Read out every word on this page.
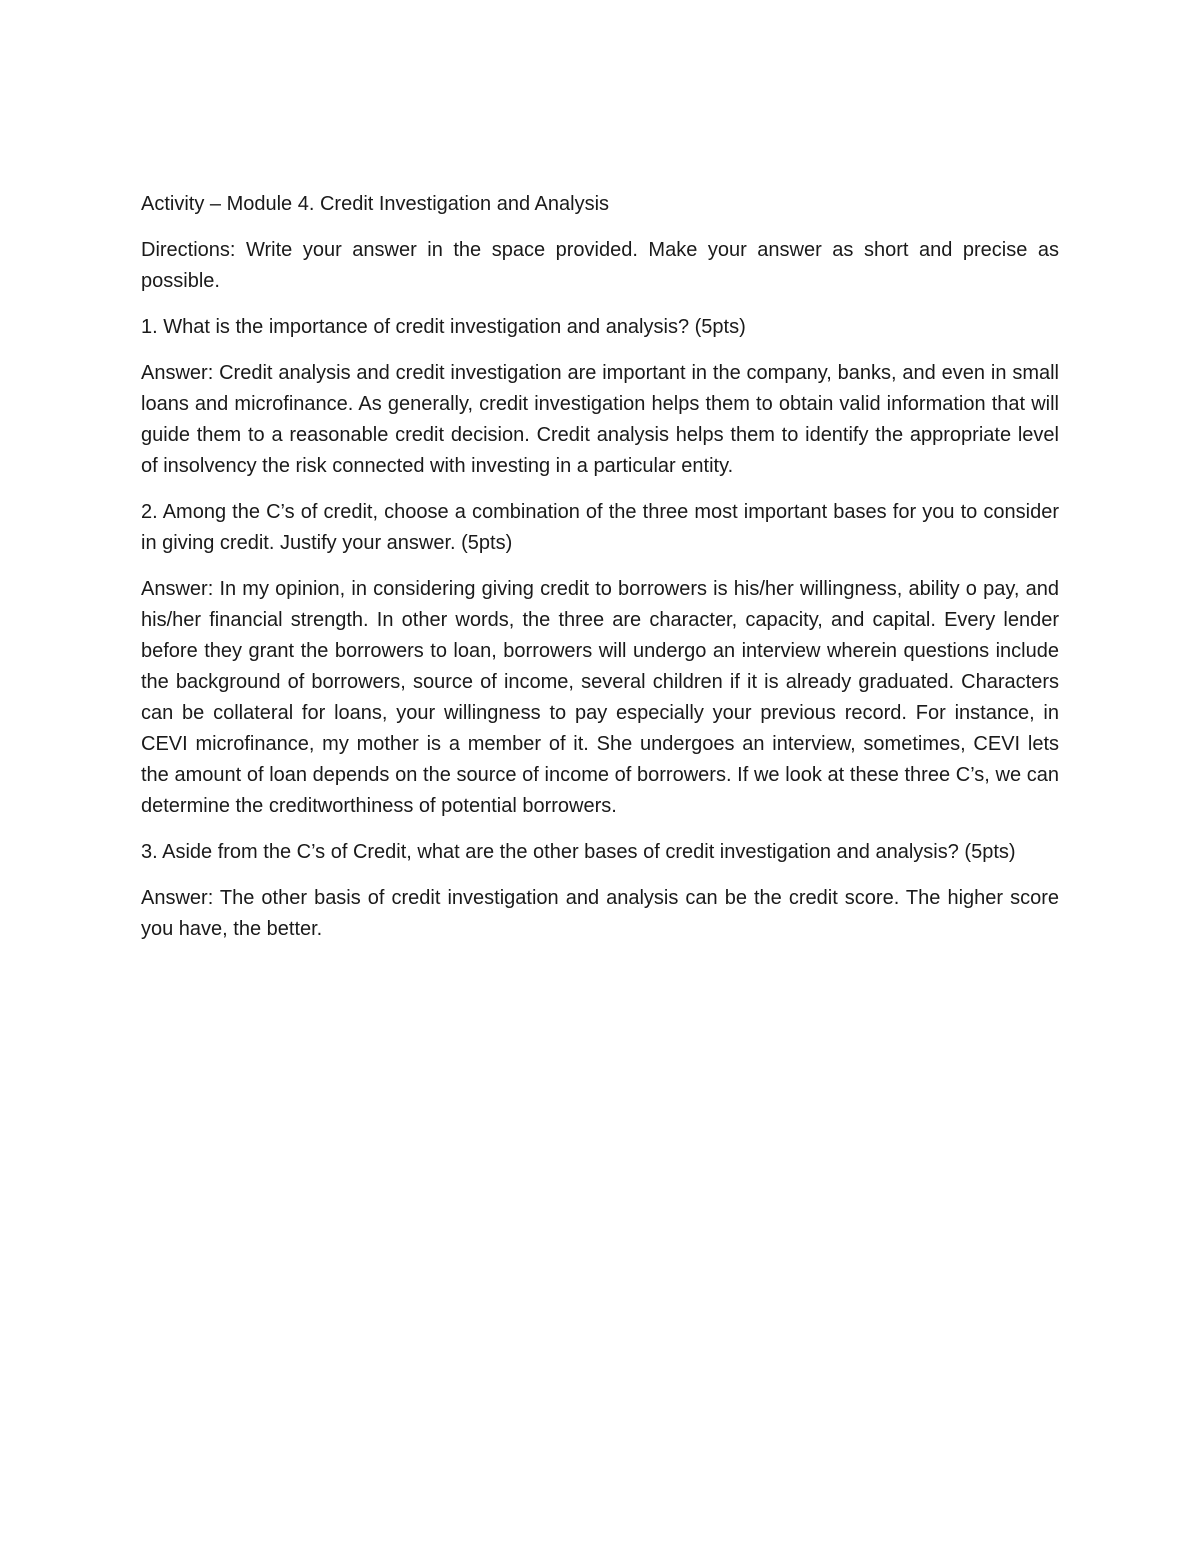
Activity – Module 4. Credit Investigation and Analysis

Directions: Write your answer in the space provided. Make your answer as short and precise as possible.

1. What is the importance of credit investigation and analysis? (5pts)

Answer: Credit analysis and credit investigation are important in the company, banks, and even in small loans and microfinance. As generally, credit investigation helps them to obtain valid information that will guide them to a reasonable credit decision. Credit analysis helps them to identify the appropriate level of insolvency the risk connected with investing in a particular entity.

2. Among the C’s of credit, choose a combination of the three most important bases for you to consider in giving credit. Justify your answer. (5pts)

Answer: In my opinion, in considering giving credit to borrowers is his/her willingness, ability o pay, and his/her financial strength. In other words, the three are character, capacity, and capital. Every lender before they grant the borrowers to loan, borrowers will undergo an interview wherein questions include the background of borrowers, source of income, several children if it is already graduated. Characters can be collateral for loans, your willingness to pay especially your previous record. For instance, in CEVI microfinance, my mother is a member of it. She undergoes an interview, sometimes, CEVI lets the amount of loan depends on the source of income of borrowers. If we look at these three C’s, we can determine the creditworthiness of potential borrowers.

3. Aside from the C’s of Credit, what are the other bases of credit investigation and analysis? (5pts)

Answer: The other basis of credit investigation and analysis can be the credit score. The higher score you have, the better.
